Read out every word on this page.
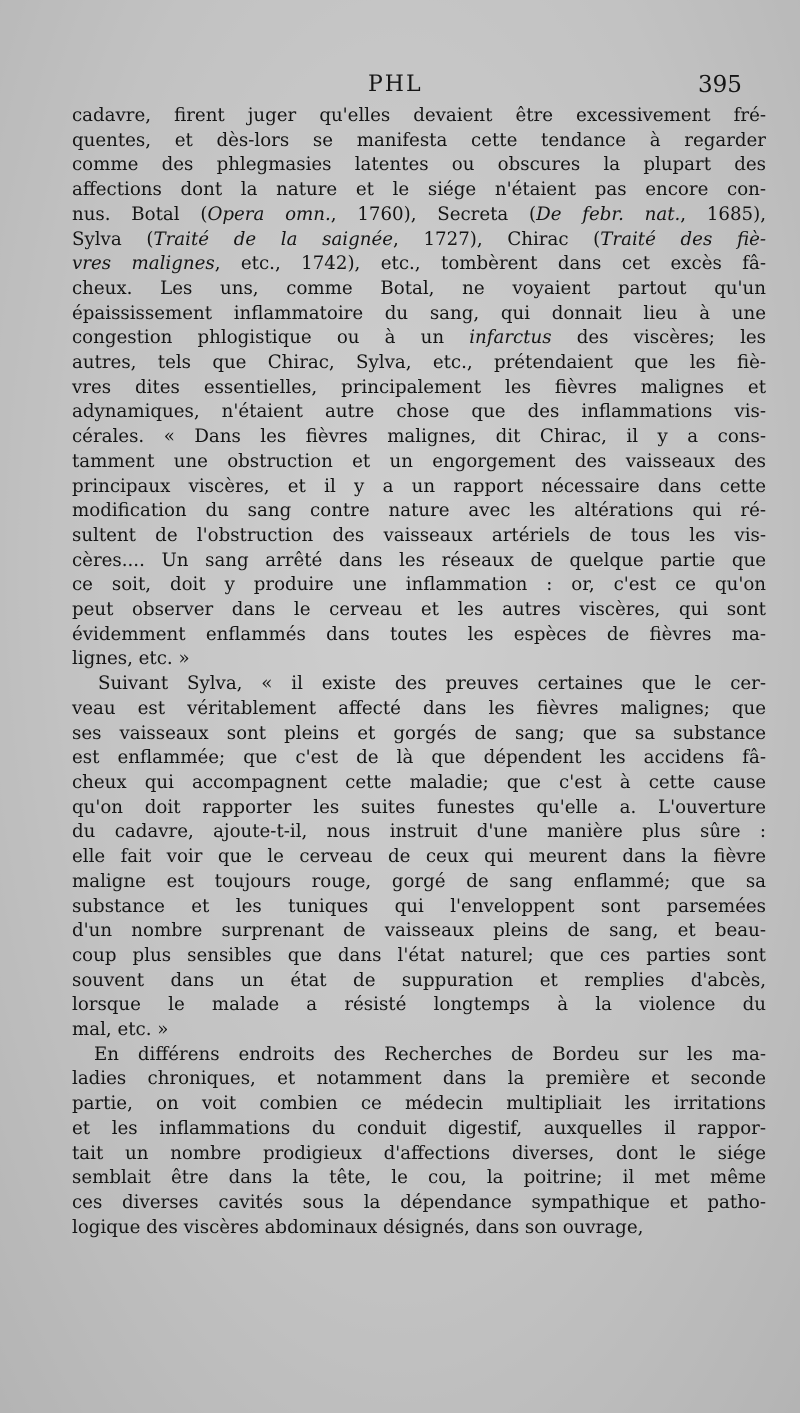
PHL	395
cadavre, firent juger qu'elles devaient être excessivement fré-
quentes, et dès-lors se manifesta cette tendance à regarder
comme des phlegmasies latentes ou obscures la plupart des
affections dont la nature et le siége n'étaient pas encore con-
nus. Botal (Opera omn., 1760), Secreta (De febr. nat., 1685),
Sylva (Traité de la saignée, 1727), Chirac (Traité des fiè-
vres malignes, etc., 1742), etc., tombèrent dans cet excès fâ-
cheux. Les uns, comme Botal, ne voyaient partout qu'un
épaississement inflammatoire du sang, qui donnait lieu à une
congestion phlogistique ou à un infarctus des viscères; les
autres, tels que Chirac, Sylva, etc., prétendaient que les fiè-
vres dites essentielles, principalement les fièvres malignes et
adynamiques, n'étaient autre chose que des inflammations vis-
cérales. « Dans les fièvres malignes, dit Chirac, il y a cons-
tamment une obstruction et un engorgement des vaisseaux des
principaux viscères, et il y a un rapport nécessaire dans cette
modification du sang contre nature avec les altérations qui ré-
sultent de l'obstruction des vaisseaux artériels de tous les vis-
cères.... Un sang arrêté dans les réseaux de quelque partie que
ce soit, doit y produire une inflammation : or, c'est ce qu'on
peut observer dans le cerveau et les autres viscères, qui sont
évidemment enflammés dans toutes les espèces de fièvres ma-
lignes, etc. »
Suivant Sylva, « il existe des preuves certaines que le cer-
veau est véritablement affecté dans les fièvres malignes; que
ses vaisseaux sont pleins et gorgés de sang; que sa substance
est enflammée; que c'est de là que dépendent les accidens fâ-
cheux qui accompagnent cette maladie; que c'est à cette cause
qu'on doit rapporter les suites funestes qu'elle a. L'ouverture
du cadavre, ajoute-t-il, nous instruit d'une manière plus sûre :
elle fait voir que le cerveau de ceux qui meurent dans la fièvre
maligne est toujours rouge, gorgé de sang enflammé; que sa
substance et les tuniques qui l'enveloppent sont parsemées
d'un nombre surprenant de vaisseaux pleins de sang, et beau-
coup plus sensibles que dans l'état naturel; que ces parties sont
souvent dans un état de suppuration et remplies d'abcès,
lorsque le malade a résisté longtemps à la violence du
mal, etc. »
En différens endroits des Recherches de Bordeu sur les ma-
ladies chroniques, et notamment dans la première et seconde
partie, on voit combien ce médecin multipliait les irritations
et les inflammations du conduit digestif, auxquelles il rappor-
tait un nombre prodigieux d'affections diverses, dont le siége
semblait être dans la tête, le cou, la poitrine; il met même
ces diverses cavités sous la dépendance sympathique et patho-
logique des viscères abdominaux désignés, dans son ouvrage,
